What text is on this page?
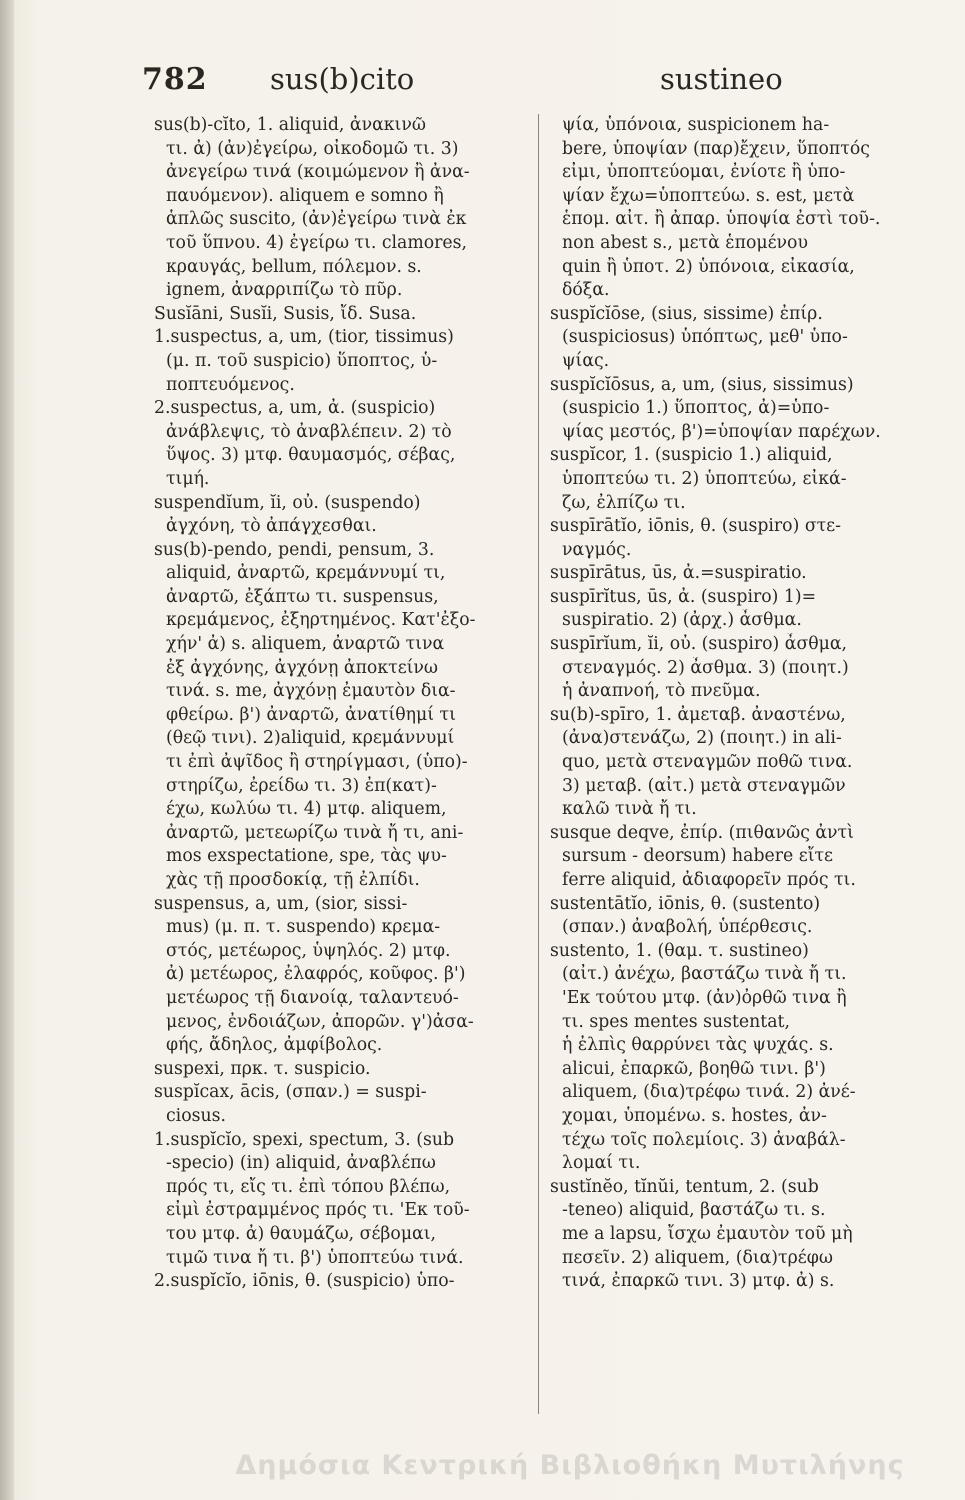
782 sus(b)cito	sustineo
sus(b)-cĭto, 1. aliquid, ἀνακινῶ
τι. ἀ) (ἀν)ἐγείρω, οἰκοδομῶ τι. 3)
ἀνεγείρω τινά (κοιμώμενον ἢ ἀνα-
παυόμενον). aliquem e somno ἢ
ἁπλῶς suscito, (ἀν)ἐγείρω τινὰ ἐκ
τοῦ ὕπνου. 4) ἐγείρω τι. clamores,
κραυγάς, bellum, πόλεμον. s.
ignem, ἀναρριπίζω τὸ πῦρ.
Susĭāni, Susĭi, Susis, ἴδ. Susa.
1.suspectus, a, um, (tior, tissimus)
(μ. π. τοῦ suspicio) ὕποπτος, ὑ-
ποπτευόμενος.
2.suspectus, a, um, ἀ. (suspicio)
ἀνάβλεψις, τὸ ἀναβλέπειν. 2) τὸ
ὕψος. 3) μτφ. θαυμασμός, σέβας,
τιμή.
suspendĭum, ĭi, οὐ. (suspendo)
ἀγχόνη, τὸ ἀπάγχεσθαι.
sus(b)-pendo, pendi, pensum, 3.
aliquid, ἀναρτῶ, κρεμάννυμί τι,
ἀναρτῶ, ἐξάπτω τι. suspensus,
κρεμάμενος, ἐξηρτημένος. Κατ'ἐξο-
χήν' ἀ) s. aliquem, ἀναρτῶ τινα
ἐξ ἀγχόνης, ἀγχόνῃ ἀποκτείνω
τινά. s. me, ἀγχόνῃ ἐμαυτὸν δια-
φθείρω. β') ἀναρτῶ, ἀνατίθημί τι
(θεῷ τινι). 2)aliquid, κρεμάννυμί
τι ἐπὶ ἀψῖδος ἢ στηρίγμασι, (ὑπο)-
στηρίζω, ἐρείδω τι. 3) ἐπ(κατ)-
έχω, κωλύω τι. 4) μτφ. aliquem,
ἀναρτῶ, μετεωρίζω τινὰ ἤ τι, ani-
mos exspectatione, spe, τὰς ψυ-
χὰς τῇ προσδοκίᾳ, τῇ ἐλπίδι.
suspensus, a, um, (sior, sissi-
mus) (μ. π. τ. suspendo) κρεμα-
στός, μετέωρος, ὑψηλός. 2) μτφ.
ἀ) μετέωρος, ἐλαφρός, κοῦφος. β')
μετέωρος τῇ διανοίᾳ, ταλαντευό-
μενος, ἐνδοιάζων, ἀπορῶν. γ')ἀσα-
φής, ἄδηλος, ἀμφίβολος.
suspexi, πρκ. τ. suspicio.
suspĭcax, ācis, (σπαν.) = suspi-
ciosus.
1.suspĭcĭo, spexi, spectum, 3. (sub
-specio) (in) aliquid, ἀναβλέπω
πρός τι, εἴς τι. ἐπὶ τόπου βλέπω,
εἰμὶ ἐστραμμένος πρός τι. 'Εκ τοῦ-
του μτφ. ἀ) θαυμάζω, σέβομαι,
τιμῶ τινα ἤ τι. β') ὑποπτεύω τινά.
2.suspĭcĭo, iōnis, θ. (suspicio) ὑπο-
ψία, ὑπόνοια, suspicionem ha-
bere, ὑποψίαν (παρ)ἔχειν, ὕποπτός
εἰμι, ὑποπτεύομαι, ἐνίοτε ἢ ὑπο-
ψίαν ἔχω=ὑποπτεύω. s. est, μετὰ
ἑπομ. αἰτ. ἢ ἀπαρ. ὑποψία ἐστὶ τοῦ-.
non abest s., μετὰ ἑπομένου
quin ἢ ὑποτ. 2) ὑπόνοια, εἰκασία,
δόξα.
suspĭcĭōse, (sius, sissime) ἐπίρ.
(suspiciosus) ὑπόπτως, μεθ' ὑπο-
ψίας.
suspĭcĭōsus, a, um, (sius, sissimus)
(suspicio 1.) ὕποπτος, ἀ)=ὑπο-
ψίας μεστός, β')=ὑποψίαν παρέχων.
suspĭcor, 1. (suspicio 1.) aliquid,
ὑποπτεύω τι. 2) ὑποπτεύω, εἰκά-
ζω, ἐλπίζω τι.
suspīrātĭo, iōnis, θ. (suspiro) στε-
ναγμός.
suspīrātus, ūs, ἀ.=suspiratio.
suspīrĭtus, ūs, ἀ. (suspiro) 1)=
suspiratio. 2) (ἀρχ.) ἆσθμα.
suspīrĭum, ĭi, οὐ. (suspiro) ἆσθμα,
στεναγμός. 2) ἆσθμα. 3) (ποιητ.)
ἡ ἀναπνοή, τὸ πνεῦμα.
su(b)-spīro, 1. ἀμεταβ. ἀναστένω,
(ἀνα)στενάζω, 2) (ποιητ.) in ali-
quo, μετὰ στεναγμῶν ποθῶ τινα.
3) μεταβ. (αἰτ.) μετὰ στεναγμῶν
καλῶ τινὰ ἤ τι.
susque deqve, ἐπίρ. (πιθανῶς ἀντὶ
sursum - deorsum) habere εἴτε
ferre aliquid, ἀδιαφορεῖν πρός τι.
sustentātĭo, iōnis, θ. (sustento)
(σπαν.) ἀναβολή, ὑπέρθεσις.
sustento, 1. (θαμ. τ. sustineo)
(αἰτ.) ἀνέχω, βαστάζω τινὰ ἤ τι.
'Εκ τούτου μτφ. (ἀν)ὀρθῶ τινα ἢ
τι. spes mentes sustentat,
ἡ ἐλπὶς θαρρύνει τὰς ψυχάς. s.
alicui, ἐπαρκῶ, βοηθῶ τινι. β')
aliquem, (δια)τρέφω τινά. 2) ἀνέ-
χομαι, ὑπομένω. s. hostes, ἀν-
τέχω τοῖς πολεμίοις. 3) ἀναβάλ-
λομαί τι.
sustĭnĕo, tĭnŭi, tentum, 2. (sub
-teneo) aliquid, βαστάζω τι. s.
me a lapsu, ἴσχω ἐμαυτὸν τοῦ μὴ
πεσεῖν. 2) aliquem, (δια)τρέφω
τινά, ἐπαρκῶ τινι. 3) μτφ. ἀ) s.
Δημόσια Κεντρική Βιβλιοθήκη Μυτιλήνης
